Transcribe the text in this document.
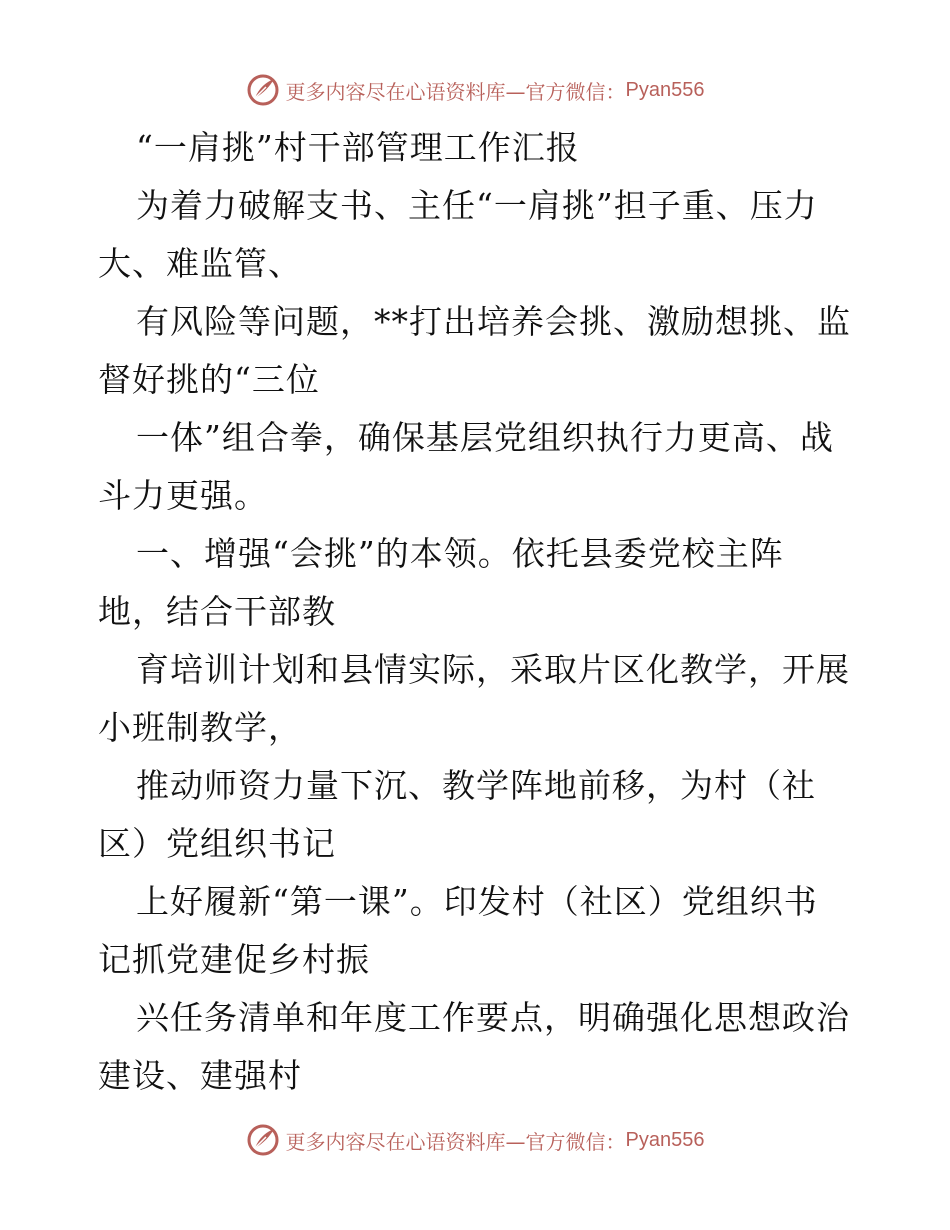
更多内容尽在心语资料库—官方微信： Pyan556
“一肩挑”村干部管理工作汇报
为着力破解支书、主任“一肩挑”担子重、压力
大、难监管、
有风险等问题，**打出培养会挑、激励想挑、监
督好挑的“三位
一体”组合拳，确保基层党组织执行力更高、战
斗力更强。
一、增强“会挑”的本领。依托县委党校主阵
地，结合干部教
育培训计划和县情实际，采取片区化教学，开展
小班制教学，
推动师资力量下沉、教学阵地前移，为村（社
区）党组织书记
上好履新“第一课”。印发村（社区）党组织书
记抓党建促乡村振
兴任务清单和年度工作要点，明确强化思想政治
建设、建强村
更多内容尽在心语资料库—官方微信： Pyan556
